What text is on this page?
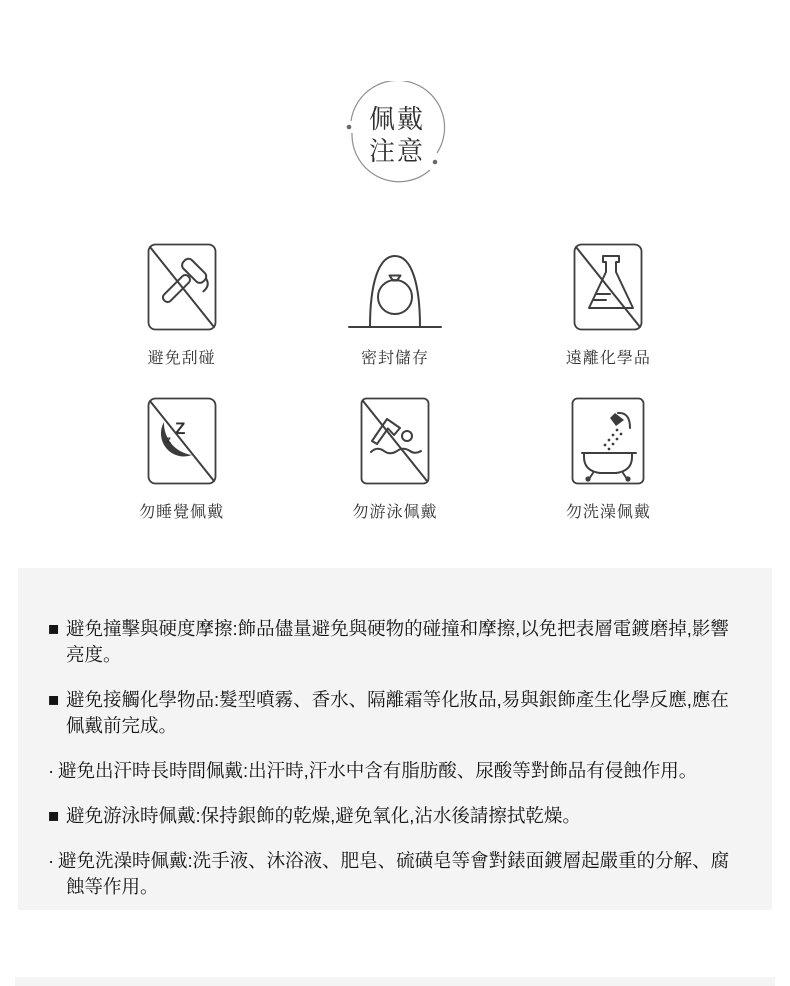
佩戴
注意
避免刮碰	密封儲存	遠離化學品
Z
z
勿睡覺佩戴	勿游泳佩戴	勿洗澡佩戴

■ 避免撞擊與硬度摩擦:飾品儘量避免與硬物的碰撞和摩擦,以免把表層電鍍磨掉,影響亮度。

■ 避免接觸化學物品:髮型噴霧、香水、隔離霜等化妝品,易與銀飾產生化學反應,應在佩戴前完成。

· 避免出汗時長時間佩戴:出汗時,汗水中含有脂肪酸、尿酸等對飾品有侵蝕作用。

■ 避免游泳時佩戴:保持銀飾的乾燥,避免氧化,沾水後請擦拭乾燥。

· 避免洗澡時佩戴:洗手液、沐浴液、肥皂、硫磺皂等會對錶面鍍層起嚴重的分解、腐蝕等作用。
